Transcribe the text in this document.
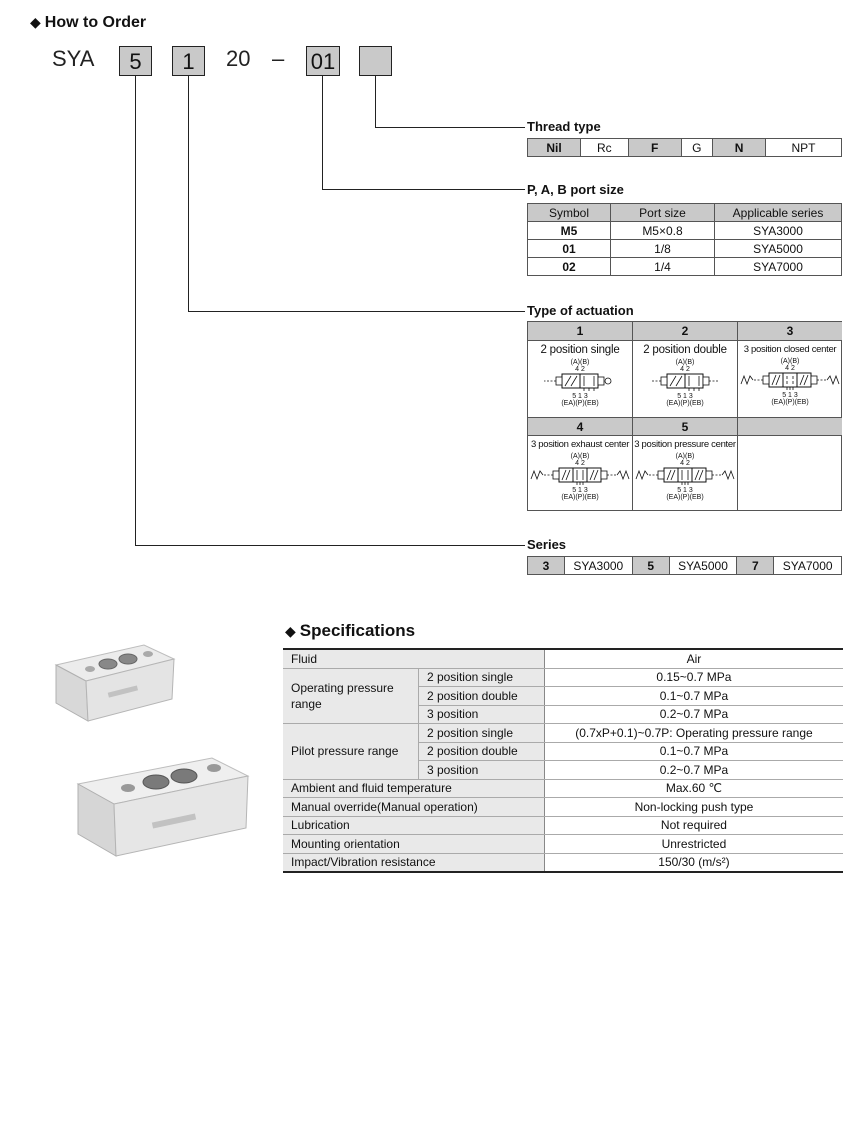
◆ How to Order
SYA	5	1	20 – 01
Thread type
Nil	Rc	F	G	N	NPT
P, A, B port size
Symbol	Port size	Applicable series
M5	M5×0.8	SYA3000
01	1/8	SYA5000
02	1/4	SYA7000
Type of actuation
1	2	3
2 position single
(A)(B)
4 2
5 1 3
(EA)(P)(EB)
2 position double
(A)(B)
4 2
5 1 3
(EA)(P)(EB)
3 position closed center
(A)(B)
4 2
5 1 3
(EA)(P)(EB)
4	5
3 position exhaust center
(A)(B)
4 2
5 1 3
(EA)(P)(EB)
3 position pressure center
(A)(B)
4 2
5 1 3
(EA)(P)(EB)
Series
3	SYA3000	5	SYA5000	7	SYA7000
◆ Specifications
Fluid		Air
Operating pressure range	2 position single	0.15~0.7 MPa
	2 position double	0.1~0.7 MPa
	3 position	0.2~0.7 MPa
Pilot pressure range	2 position single	(0.7xP+0.1)~0.7P: Operating pressure range
	2 position double	0.1~0.7 MPa
	3 position	0.2~0.7 MPa
Ambient and fluid temperature		Max.60 ℃
Manual override(Manual operation)		Non-locking push type
Lubrication		Not required
Mounting orientation		Unrestricted
Impact/Vibration resistance		150/30 (m/s²)
